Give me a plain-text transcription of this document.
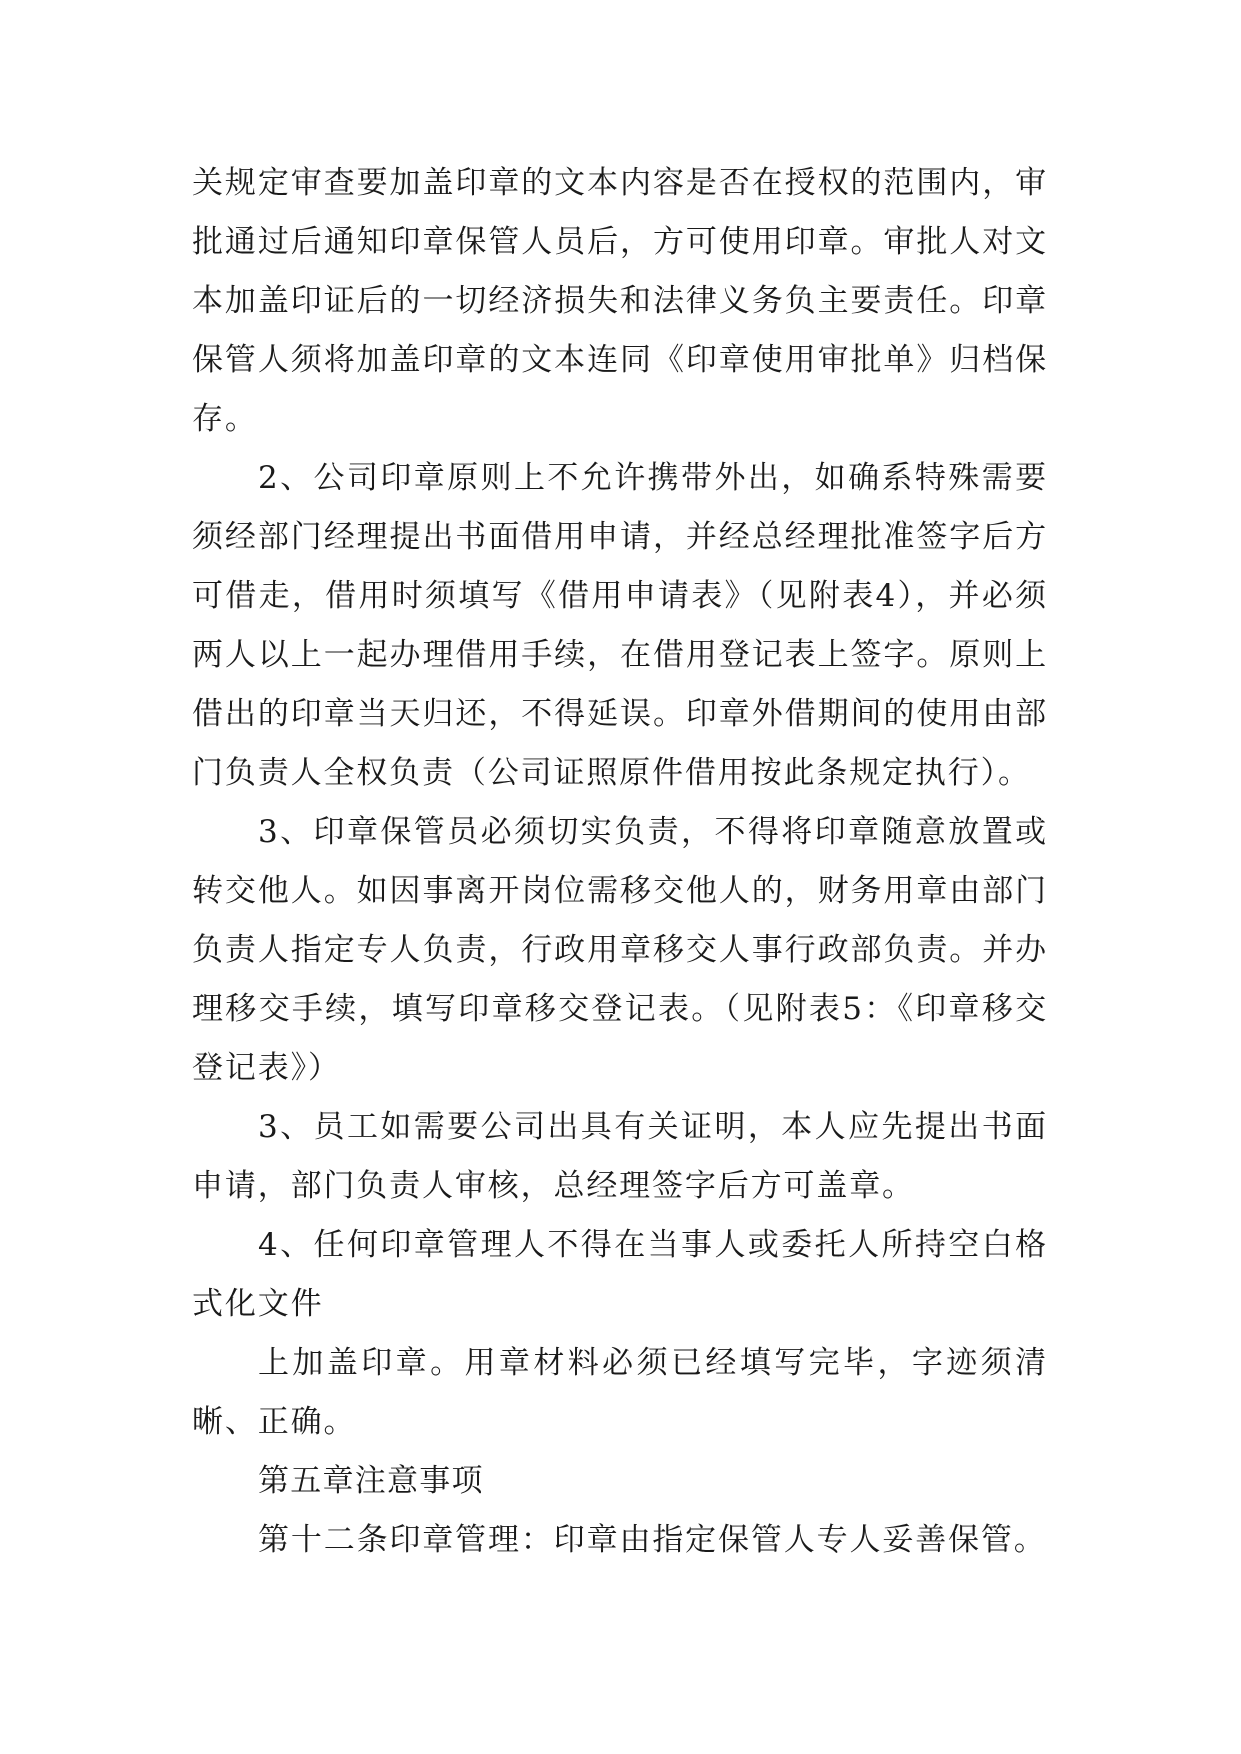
关规定审查要加盖印章的文本内容是否在授权的范围内，审批通过后通知印章保管人员后，方可使用印章。审批人对文本加盖印证后的一切经济损失和法律义务负主要责任。印章保管人须将加盖印章的文本连同《印章使用审批单》归档保存。

2、公司印章原则上不允许携带外出，如确系特殊需要须经部门经理提出书面借用申请，并经总经理批准签字后方可借走，借用时须填写《借用申请表》（见附表4），并必须两人以上一起办理借用手续，在借用登记表上签字。原则上借出的印章当天归还，不得延误。印章外借期间的使用由部门负责人全权负责（公司证照原件借用按此条规定执行）。

3、印章保管员必须切实负责，不得将印章随意放置或转交他人。如因事离开岗位需移交他人的，财务用章由部门负责人指定专人负责，行政用章移交人事行政部负责。并办理移交手续，填写印章移交登记表。（见附表5：《印章移交登记表》）

3、员工如需要公司出具有关证明，本人应先提出书面申请，部门负责人审核，总经理签字后方可盖章。

4、任何印章管理人不得在当事人或委托人所持空白格式化文件

上加盖印章。用章材料必须已经填写完毕，字迹须清晰、正确。

第五章注意事项

第十二条印章管理：印章由指定保管人专人妥善保管。
